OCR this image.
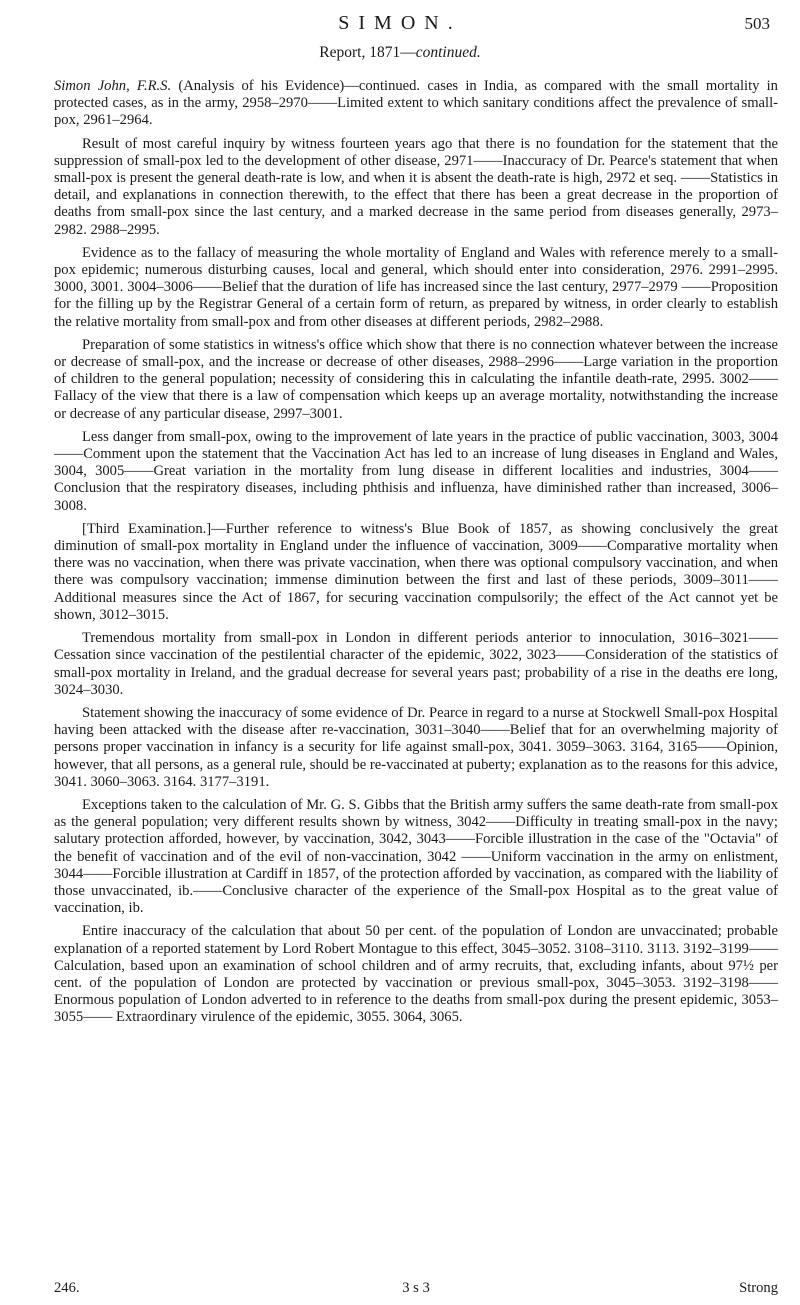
SIMON.	503
Report, 1871—continued.

Simon John, F.R.S. (Analysis of his Evidence)—continued. cases in India, as compared with the small mortality in protected cases, as in the army, 2958–2970——Limited extent to which sanitary conditions affect the prevalence of small-pox, 2961–2964.

Result of most careful inquiry by witness fourteen years ago that there is no foundation for the statement that the suppression of small-pox led to the development of other disease, 2971——Inaccuracy of Dr. Pearce's statement that when small-pox is present the general death-rate is low, and when it is absent the death-rate is high, 2972 et seq. ——Statistics in detail, and explanations in connection therewith, to the effect that there has been a great decrease in the proportion of deaths from small-pox since the last century, and a marked decrease in the same period from diseases generally, 2973–2982. 2988–2995.

Evidence as to the fallacy of measuring the whole mortality of England and Wales with reference merely to a small-pox epidemic; numerous disturbing causes, local and general, which should enter into consideration, 2976. 2991–2995. 3000, 3001. 3004–3006——Belief that the duration of life has increased since the last century, 2977–2979 ——Proposition for the filling up by the Registrar General of a certain form of return, as prepared by witness, in order clearly to establish the relative mortality from small-pox and from other diseases at different periods, 2982–2988.

Preparation of some statistics in witness's office which show that there is no connection whatever between the increase or decrease of small-pox, and the increase or decrease of other diseases, 2988–2996——Large variation in the proportion of children to the general population; necessity of considering this in calculating the infantile death-rate, 2995. 3002——Fallacy of the view that there is a law of compensation which keeps up an average mortality, notwithstanding the increase or decrease of any particular disease, 2997–3001.

Less danger from small-pox, owing to the improvement of late years in the practice of public vaccination, 3003, 3004——Comment upon the statement that the Vaccination Act has led to an increase of lung diseases in England and Wales, 3004, 3005——Great variation in the mortality from lung disease in different localities and industries, 3004—— Conclusion that the respiratory diseases, including phthisis and influenza, have diminished rather than increased, 3006–3008.

[Third Examination.]—Further reference to witness's Blue Book of 1857, as showing conclusively the great diminution of small-pox mortality in England under the influence of vaccination, 3009——Comparative mortality when there was no vaccination, when there was private vaccination, when there was optional compulsory vaccination, and when there was compulsory vaccination; immense diminution between the first and last of these periods, 3009–3011——Additional measures since the Act of 1867, for securing vaccination compulsorily; the effect of the Act cannot yet be shown, 3012–3015.

Tremendous mortality from small-pox in London in different periods anterior to innoculation, 3016–3021——Cessation since vaccination of the pestilential character of the epidemic, 3022, 3023——Consideration of the statistics of small-pox mortality in Ireland, and the gradual decrease for several years past; probability of a rise in the deaths ere long, 3024–3030.

Statement showing the inaccuracy of some evidence of Dr. Pearce in regard to a nurse at Stockwell Small-pox Hospital having been attacked with the disease after re-vaccination, 3031–3040——Belief that for an overwhelming majority of persons proper vaccination in infancy is a security for life against small-pox, 3041. 3059–3063. 3164, 3165——Opinion, however, that all persons, as a general rule, should be re-vaccinated at puberty; explanation as to the reasons for this advice, 3041. 3060–3063. 3164. 3177–3191.

Exceptions taken to the calculation of Mr. G. S. Gibbs that the British army suffers the same death-rate from small-pox as the general population; very different results shown by witness, 3042——Difficulty in treating small-pox in the navy; salutary protection afforded, however, by vaccination, 3042, 3043——Forcible illustration in the case of the "Octavia" of the benefit of vaccination and of the evil of non-vaccination, 3042 ——Uniform vaccination in the army on enlistment, 3044——Forcible illustration at Cardiff in 1857, of the protection afforded by vaccination, as compared with the liability of those unvaccinated, ib.——Conclusive character of the experience of the Small-pox Hospital as to the great value of vaccination, ib.

Entire inaccuracy of the calculation that about 50 per cent. of the population of London are unvaccinated; probable explanation of a reported statement by Lord Robert Montague to this effect, 3045–3052. 3108–3110. 3113. 3192–3199——Calculation, based upon an examination of school children and of army recruits, that, excluding infants, about 97½ per cent. of the population of London are protected by vaccination or previous small-pox, 3045–3053. 3192–3198——Enormous population of London adverted to in reference to the deaths from small-pox during the present epidemic, 3053–3055—— Extraordinary virulence of the epidemic, 3055. 3064, 3065.

246.	3 s 3	Strong
